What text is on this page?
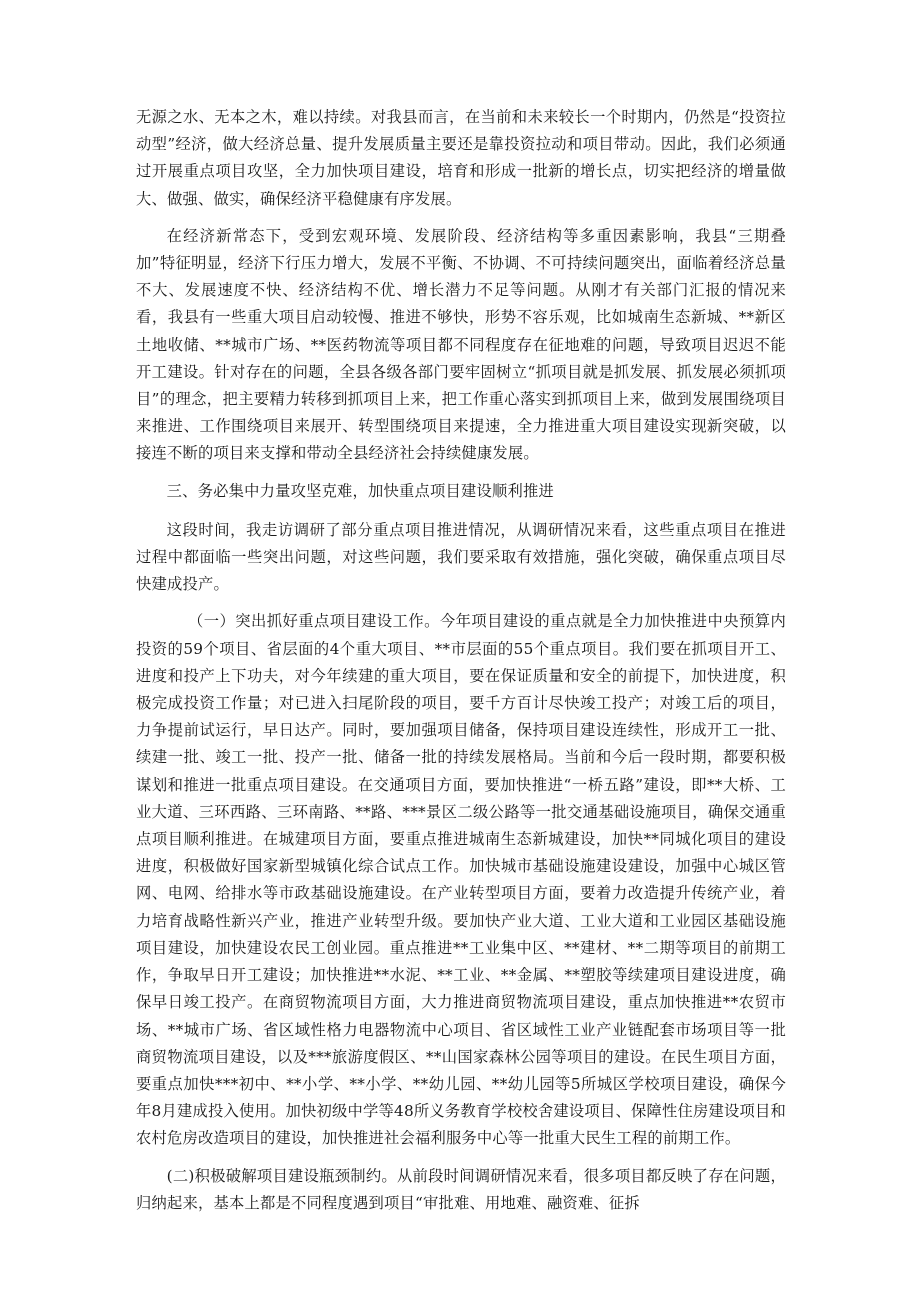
无源之水、无本之木，难以持续。对我县而言，在当前和未来较长一个时期内，仍然是“投资拉动型”经济，做大经济总量、提升发展质量主要还是靠投资拉动和项目带动。因此，我们必须通过开展重点项目攻坚，全力加快项目建设，培育和形成一批新的增长点，切实把经济的增量做大、做强、做实，确保经济平稳健康有序发展。

在经济新常态下，受到宏观环境、发展阶段、经济结构等多重因素影响，我县“三期叠加”特征明显，经济下行压力增大，发展不平衡、不协调、不可持续问题突出，面临着经济总量不大、发展速度不快、经济结构不优、增长潜力不足等问题。从刚才有关部门汇报的情况来看，我县有一些重大项目启动较慢、推进不够快，形势不容乐观，比如城南生态新城、**新区土地收储、**城市广场、**医药物流等项目都不同程度存在征地难的问题，导致项目迟迟不能开工建设。针对存在的问题，全县各级各部门要牢固树立“抓项目就是抓发展、抓发展必须抓项目”的理念，把主要精力转移到抓项目上来，把工作重心落实到抓项目上来，做到发展围绕项目来推进、工作围绕项目来展开、转型围绕项目来提速，全力推进重大项目建设实现新突破，以接连不断的项目来支撑和带动全县经济社会持续健康发展。

三、务必集中力量攻坚克难，加快重点项目建设顺利推进

这段时间，我走访调研了部分重点项目推进情况，从调研情况来看，这些重点项目在推进过程中都面临一些突出问题，对这些问题，我们要采取有效措施，强化突破，确保重点项目尽快建成投产。

（一）突出抓好重点项目建设工作。今年项目建设的重点就是全力加快推进中央预算内投资的59个项目、省层面的4个重大项目、**市层面的55个重点项目。我们要在抓项目开工、进度和投产上下功夫，对今年续建的重大项目，要在保证质量和安全的前提下，加快进度，积极完成投资工作量；对已进入扫尾阶段的项目，要千方百计尽快竣工投产；对竣工后的项目，力争提前试运行，早日达产。同时，要加强项目储备，保持项目建设连续性，形成开工一批、续建一批、竣工一批、投产一批、储备一批的持续发展格局。当前和今后一段时期，都要积极谋划和推进一批重点项目建设。在交通项目方面，要加快推进“一桥五路”建设，即**大桥、工业大道、三环西路、三环南路、**路、***景区二级公路等一批交通基础设施项目，确保交通重点项目顺利推进。在城建项目方面，要重点推进城南生态新城建设，加快**同城化项目的建设进度，积极做好国家新型城镇化综合试点工作。加快城市基础设施建设建设，加强中心城区管网、电网、给排水等市政基础设施建设。在产业转型项目方面，要着力改造提升传统产业，着力培育战略性新兴产业，推进产业转型升级。要加快产业大道、工业大道和工业园区基础设施项目建设，加快建设农民工创业园。重点推进**工业集中区、**建材、**二期等项目的前期工作，争取早日开工建设；加快推进**水泥、**工业、**金属、**塑胶等续建项目建设进度，确保早日竣工投产。在商贸物流项目方面，大力推进商贸物流项目建设，重点加快推进**农贸市场、**城市广场、省区域性格力电器物流中心项目、省区域性工业产业链配套市场项目等一批商贸物流项目建设，以及***旅游度假区、**山国家森林公园等项目的建设。在民生项目方面，要重点加快***初中、**小学、**小学、**幼儿园、**幼儿园等5所城区学校项目建设，确保今年8月建成投入使用。加快初级中学等48所义务教育学校校舍建设项目、保障性住房建设项目和农村危房改造项目的建设，加快推进社会福利服务中心等一批重大民生工程的前期工作。

(二)积极破解项目建设瓶颈制约。从前段时间调研情况来看，很多项目都反映了存在问题，归纳起来，基本上都是不同程度遇到项目“审批难、用地难、融资难、征拆
